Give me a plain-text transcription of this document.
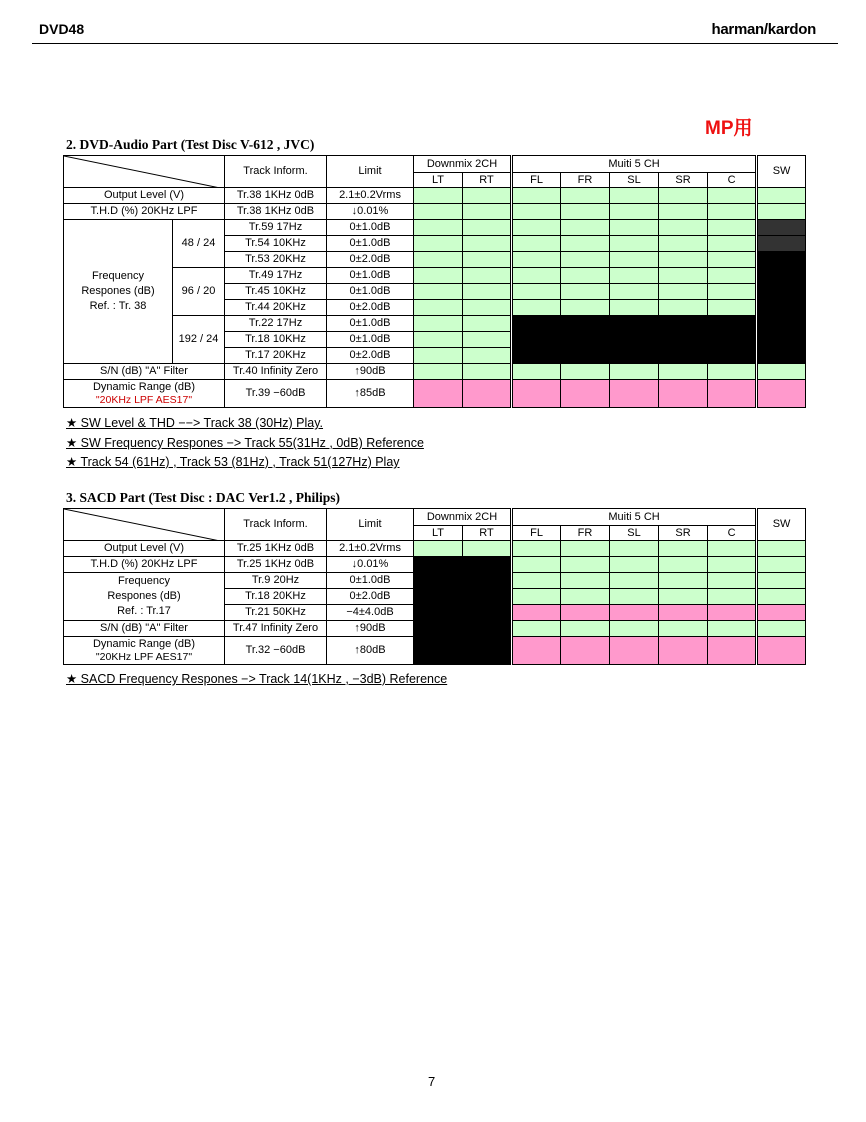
DVD48	harman/kardon
MP用
2. DVD-Audio Part (Test Disc V-612 , JVC)
	Track Inform.	Limit	Downmix 2CH		Muiti 5 CH					SW
				LT	RT	FL	FR	SL	SR	C	
Output Level (V)		Tr.38 1KHz 0dB	2.1±0.2Vrms								
T.H.D (%) 20KHz LPF		Tr.38 1KHz 0dB	↓0.01%								
Frequency
Respones (dB)
Ref. : Tr. 38	48 / 24	Tr.59 17Hz	0±1.0dB								
		Tr.54 10KHz	0±1.0dB								
		Tr.53 20KHz	0±2.0dB								
	96 / 20	Tr.49 17Hz	0±1.0dB								
		Tr.45 10KHz	0±1.0dB								
		Tr.44 20KHz	0±2.0dB								
	192 / 24	Tr.22 17Hz	0±1.0dB								
		Tr.18 10KHz	0±1.0dB								
		Tr.17 20KHz	0±2.0dB								
S/N (dB) "A" Filter		Tr.40 Infinity Zero	↑90dB								
Dynamic Range (dB)
"20KHz LPF AES17"		Tr.39 −60dB	↑85dB								
★ SW Level & THD −−> Track 38 (30Hz) Play.
★ SW Frequency Respones −> Track 55(31Hz , 0dB) Reference
★ Track 54 (61Hz) , Track 53 (81Hz) , Track 51(127Hz) Play
3. SACD Part (Test Disc : DAC Ver1.2 , Philips)
	Track Inform.	Limit	Downmix 2CH		Muiti 5 CH					SW
			LT	RT	FL	FR	SL	SR	C	
Output Level (V)	Tr.25 1KHz 0dB	2.1±0.2Vrms								
T.H.D (%) 20KHz LPF	Tr.25 1KHz 0dB	↓0.01%								
Frequency
Respones (dB)
Ref. : Tr.17	Tr.9 20Hz	0±1.0dB								
	Tr.18 20KHz	0±2.0dB								
	Tr.21 50KHz	−4±4.0dB								
S/N (dB) "A" Filter	Tr.47 Infinity Zero	↑90dB								
Dynamic Range (dB)
"20KHz LPF AES17"	Tr.32 −60dB	↑80dB								
★ SACD Frequency Respones −> Track 14(1KHz , −3dB) Reference
7
